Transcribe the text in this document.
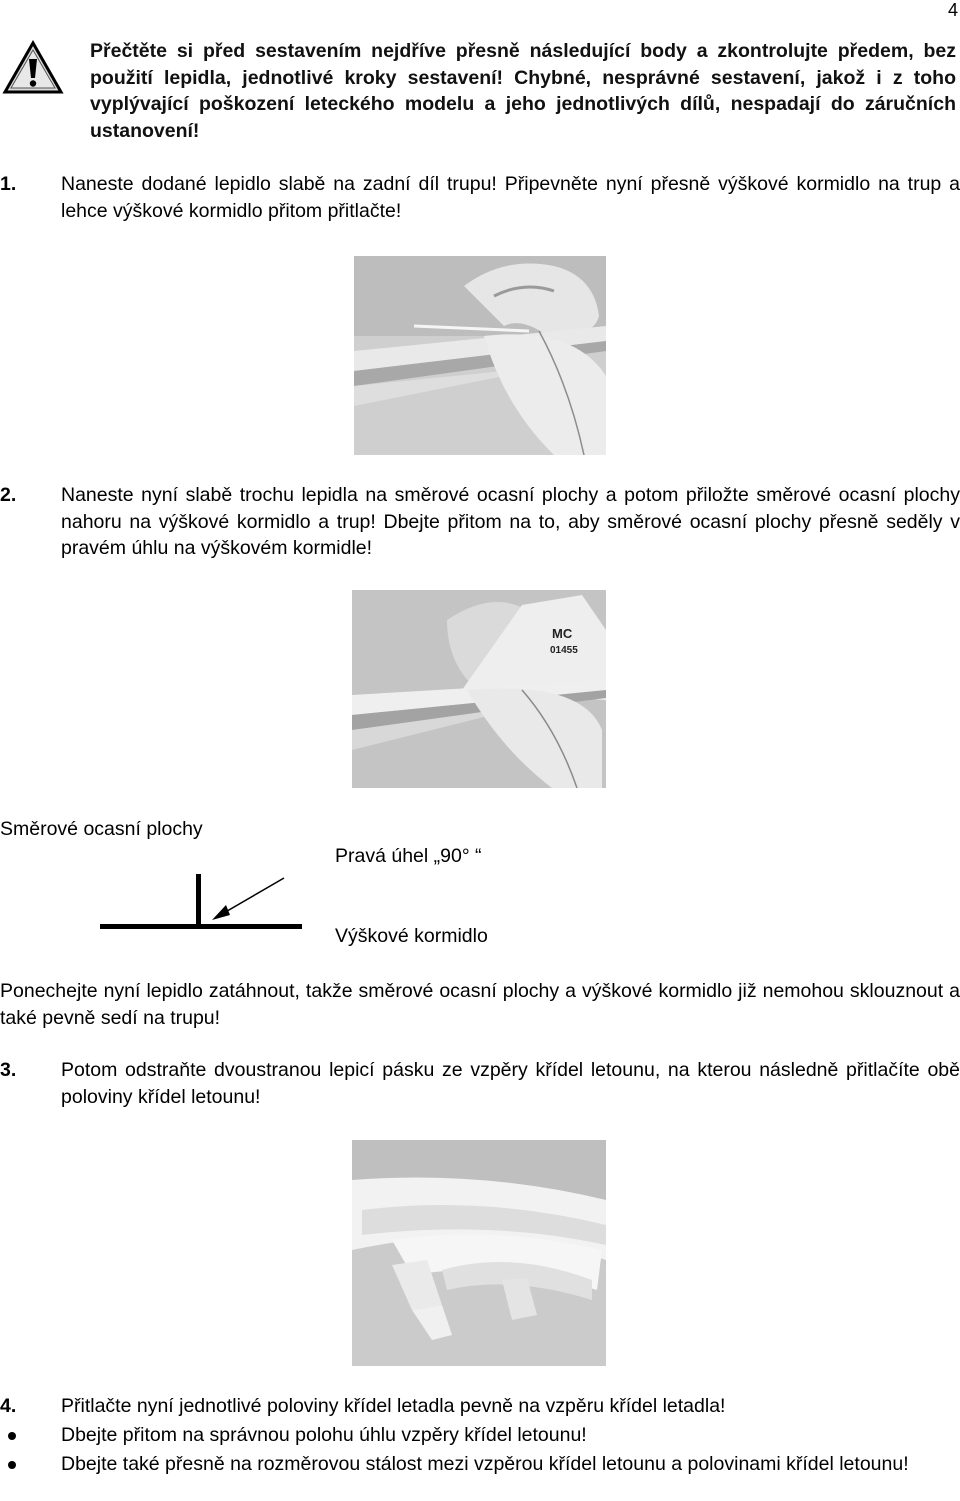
4
Přečtěte si před sestavením nejdříve přesně následující body a zkontrolujte předem, bez použití lepidla, jednotlivé kroky sestavení! Chybné, nesprávné sestavení, jakož i z toho vyplývající poškození leteckého modelu a jeho jednotlivých dílů, nespadají do záručních ustanovení!
1. Naneste dodané lepidlo slabě na zadní díl trupu! Připevněte nyní přesně výškové kormidlo na trup a lehce výškové kormidlo přitom přitlačte!
2. Naneste nyní slabě trochu lepidla na směrové ocasní plochy a potom přiložte směrové ocasní plochy nahoru na výškové kormidlo a trup! Dbejte přitom na to, aby směrové ocasní plochy přesně seděly v pravém úhlu na výškovém kormidle!
MC
01455
Směrové ocasní plochy
Pravá úhel „90° “
Výškové kormidlo
Ponechejte nyní lepidlo zatáhnout, takže směrové ocasní plochy a výškové kormidlo již nemohou sklouznout a také pevně sedí na trupu!
3. Potom odstraňte dvoustranou lepicí pásku ze vzpěry křídel letounu, na kterou následně přitlačíte obě poloviny křídel letounu!
4. Přitlačte nyní jednotlivé poloviny křídel letadla pevně na vzpěru křídel letadla!
Dbejte přitom na správnou polohu úhlu vzpěry křídel letounu!
Dbejte také přesně na rozměrovou stálost mezi vzpěrou křídel letounu a polovinami křídel letounu!
